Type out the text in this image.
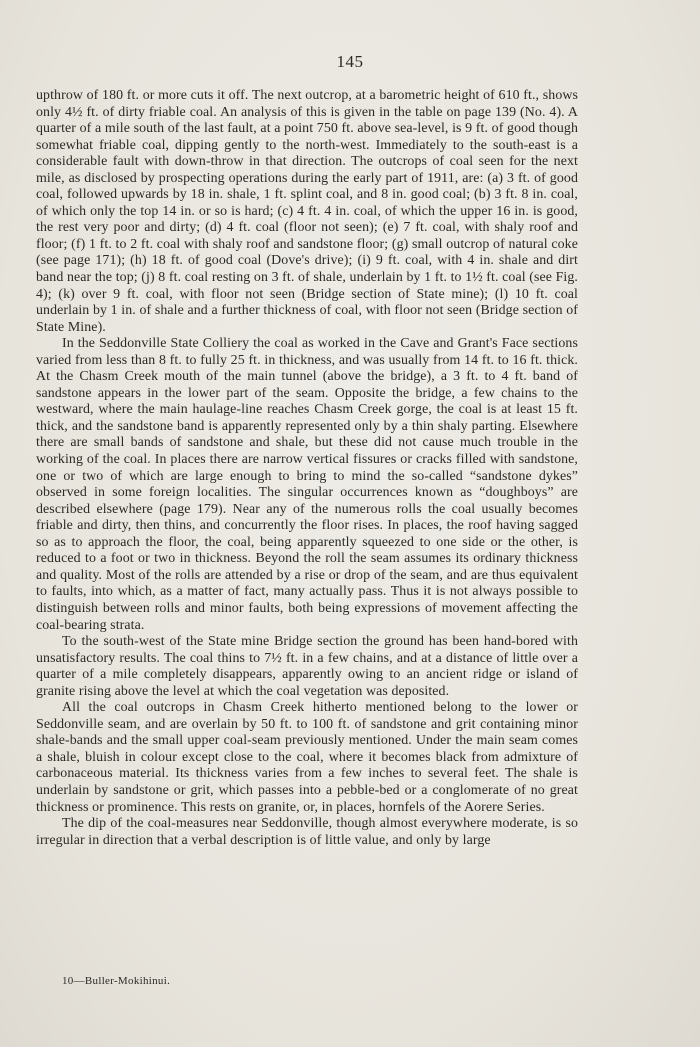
145

upthrow of 180 ft. or more cuts it off. The next outcrop, at a barometric height of 610 ft., shows only 4½ ft. of dirty friable coal. An analysis of this is given in the table on page 139 (No. 4). A quarter of a mile south of the last fault, at a point 750 ft. above sea-level, is 9 ft. of good though somewhat friable coal, dipping gently to the north-west. Immediately to the south-east is a considerable fault with down-throw in that direction. The outcrops of coal seen for the next mile, as disclosed by prospecting operations during the early part of 1911, are: (a) 3 ft. of good coal, followed upwards by 18 in. shale, 1 ft. splint coal, and 8 in. good coal; (b) 3 ft. 8 in. coal, of which only the top 14 in. or so is hard; (c) 4 ft. 4 in. coal, of which the upper 16 in. is good, the rest very poor and dirty; (d) 4 ft. coal (floor not seen); (e) 7 ft. coal, with shaly roof and floor; (f) 1 ft. to 2 ft. coal with shaly roof and sandstone floor; (g) small outcrop of natural coke (see page 171); (h) 18 ft. of good coal (Dove's drive); (i) 9 ft. coal, with 4 in. shale and dirt band near the top; (j) 8 ft. coal resting on 3 ft. of shale, underlain by 1 ft. to 1½ ft. coal (see Fig. 4); (k) over 9 ft. coal, with floor not seen (Bridge section of State mine); (l) 10 ft. coal underlain by 1 in. of shale and a further thickness of coal, with floor not seen (Bridge section of State Mine).

In the Seddonville State Colliery the coal as worked in the Cave and Grant's Face sections varied from less than 8 ft. to fully 25 ft. in thickness, and was usually from 14 ft. to 16 ft. thick. At the Chasm Creek mouth of the main tunnel (above the bridge), a 3 ft. to 4 ft. band of sandstone appears in the lower part of the seam. Opposite the bridge, a few chains to the westward, where the main haulage-line reaches Chasm Creek gorge, the coal is at least 15 ft. thick, and the sandstone band is apparently represented only by a thin shaly parting. Elsewhere there are small bands of sandstone and shale, but these did not cause much trouble in the working of the coal. In places there are narrow vertical fissures or cracks filled with sandstone, one or two of which are large enough to bring to mind the so-called “sandstone dykes” observed in some foreign localities. The singular occurrences known as “doughboys” are described elsewhere (page 179). Near any of the numerous rolls the coal usually becomes friable and dirty, then thins, and concurrently the floor rises. In places, the roof having sagged so as to approach the floor, the coal, being apparently squeezed to one side or the other, is reduced to a foot or two in thickness. Beyond the roll the seam assumes its ordinary thickness and quality. Most of the rolls are attended by a rise or drop of the seam, and are thus equivalent to faults, into which, as a matter of fact, many actually pass. Thus it is not always possible to distinguish between rolls and minor faults, both being expressions of movement affecting the coal-bearing strata.

To the south-west of the State mine Bridge section the ground has been hand-bored with unsatisfactory results. The coal thins to 7½ ft. in a few chains, and at a distance of little over a quarter of a mile completely disappears, apparently owing to an ancient ridge or island of granite rising above the level at which the coal vegetation was deposited.

All the coal outcrops in Chasm Creek hitherto mentioned belong to the lower or Seddonville seam, and are overlain by 50 ft. to 100 ft. of sandstone and grit containing minor shale-bands and the small upper coal-seam previously mentioned. Under the main seam comes a shale, bluish in colour except close to the coal, where it becomes black from admixture of carbonaceous material. Its thickness varies from a few inches to several feet. The shale is underlain by sandstone or grit, which passes into a pebble-bed or a conglomerate of no great thickness or prominence. This rests on granite, or, in places, hornfels of the Aorere Series.

The dip of the coal-measures near Seddonville, though almost everywhere moderate, is so irregular in direction that a verbal description is of little value, and only by large

10—Buller-Mokihinui.
